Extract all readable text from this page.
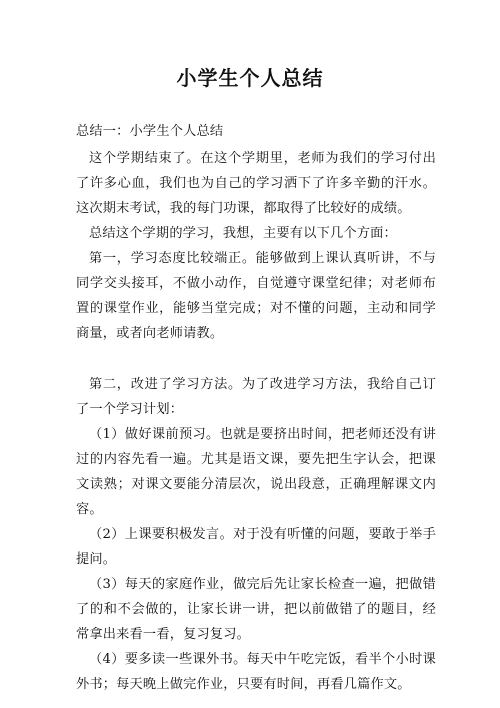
小学生个人总结

总结一：小学生个人总结

这个学期结束了。在这个学期里，老师为我们的学习付出了许多心血，我们也为自己的学习洒下了许多辛勤的汗水。这次期末考试，我的每门功课，都取得了比较好的成绩。

总结这个学期的学习，我想，主要有以下几个方面：

第一，学习态度比较端正。能够做到上课认真听讲，不与同学交头接耳，不做小动作，自觉遵守课堂纪律；对老师布置的课堂作业，能够当堂完成；对不懂的问题，主动和同学商量，或者向老师请教。

第二，改进了学习方法。为了改进学习方法，我给自己订了一个学习计划：

（1）做好课前预习。也就是要挤出时间，把老师还没有讲过的内容先看一遍。尤其是语文课，要先把生字认会，把课文读熟；对课文要能分清层次，说出段意，正确理解课文内容。

（2）上课要积极发言。对于没有听懂的问题，要敢于举手提问。

（3）每天的家庭作业，做完后先让家长检查一遍，把做错了的和不会做的，让家长讲一讲，把以前做错了的题目，经常拿出来看一看，复习复习。

（4）要多读一些课外书。每天中午吃完饭，看半个小时课外书；每天晚上做完作业，只要有时间，再看几篇作文。
